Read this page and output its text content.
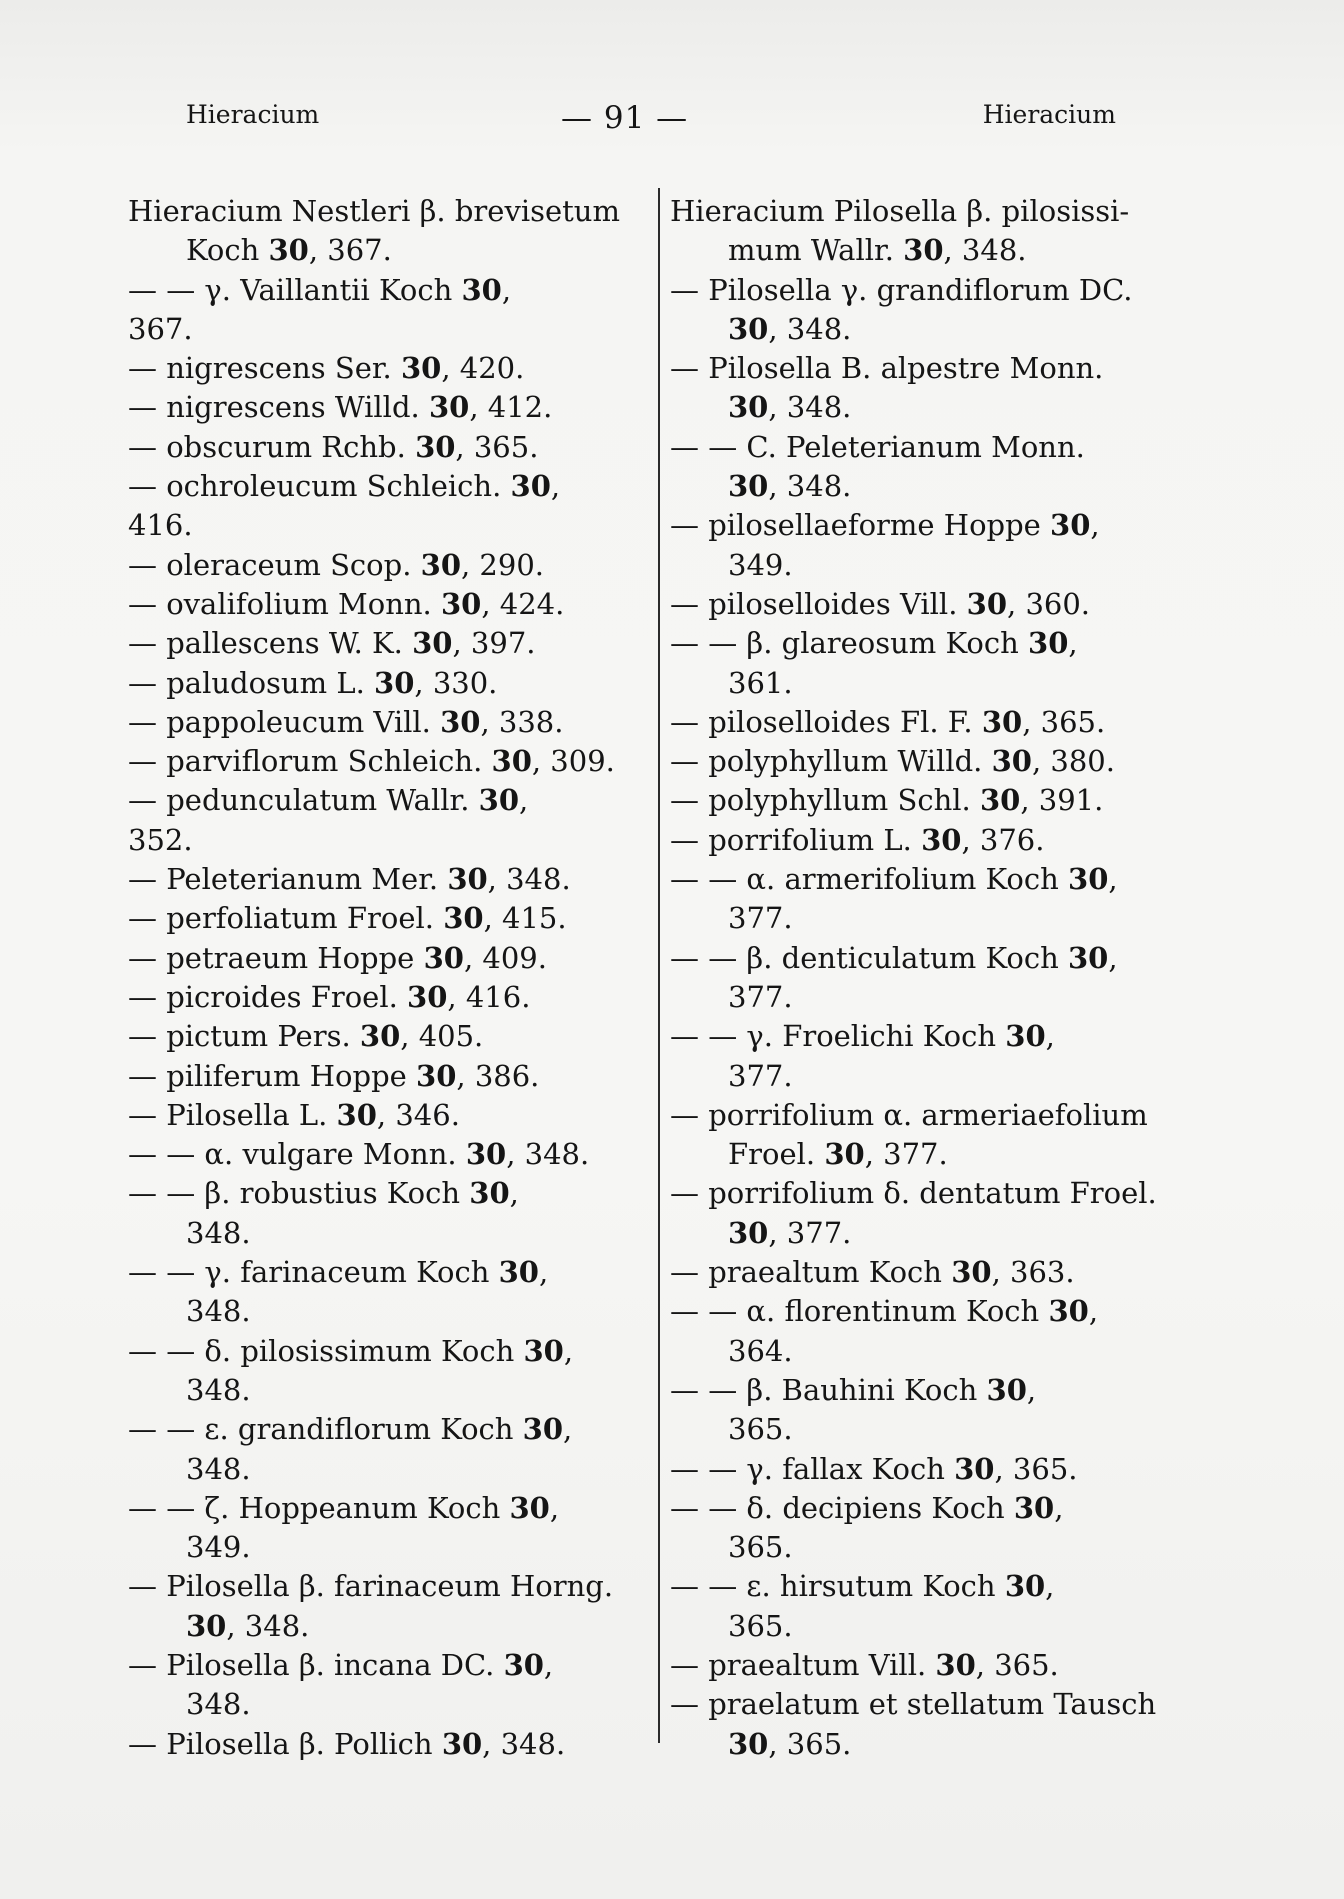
Hieracium	— 91 —	Hieracium
Hieracium Nestleri β. brevisetum
Koch 30, 367.
— — γ. Vaillantii Koch 30,
367.
— nigrescens Ser. 30, 420.
— nigrescens Willd. 30, 412.
— obscurum Rchb. 30, 365.
— ochroleucum Schleich. 30,
416.
— oleraceum Scop. 30, 290.
— ovalifolium Monn. 30, 424.
— pallescens W. K. 30, 397.
— paludosum L. 30, 330.
— pappoleucum Vill. 30, 338.
— parviflorum Schleich. 30, 309.
— pedunculatum Wallr. 30,
352.
— Peleterianum Mer. 30, 348.
— perfoliatum Froel. 30, 415.
— petraeum Hoppe 30, 409.
— picroides Froel. 30, 416.
— pictum Pers. 30, 405.
— piliferum Hoppe 30, 386.
— Pilosella L. 30, 346.
— — α. vulgare Monn. 30, 348.
— — β. robustius Koch 30,
348.
— — γ. farinaceum Koch 30,
348.
— — δ. pilosissimum Koch 30,
348.
— — ε. grandiflorum Koch 30,
348.
— — ζ. Hoppeanum Koch 30,
349.
— Pilosella β. farinaceum Horng.
30, 348.
— Pilosella β. incana DC. 30,
348.
— Pilosella β. Pollich 30, 348.
Hieracium Pilosella β. pilosissi-
mum Wallr. 30, 348.
— Pilosella γ. grandiflorum DC.
30, 348.
— Pilosella B. alpestre Monn.
30, 348.
— — C. Peleterianum Monn.
30, 348.
— pilosellaeforme Hoppe 30,
349.
— piloselloides Vill. 30, 360.
— — β. glareosum Koch 30,
361.
— piloselloides Fl. F. 30, 365.
— polyphyllum Willd. 30, 380.
— polyphyllum Schl. 30, 391.
— porrifolium L. 30, 376.
— — α. armerifolium Koch 30,
377.
— — β. denticulatum Koch 30,
377.
— — γ. Froelichi Koch 30,
377.
— porrifolium α. armeriaefolium
Froel. 30, 377.
— porrifolium δ. dentatum Froel.
30, 377.
— praealtum Koch 30, 363.
— — α. florentinum Koch 30,
364.
— — β. Bauhini Koch 30,
365.
— — γ. fallax Koch 30, 365.
— — δ. decipiens Koch 30,
365.
— — ε. hirsutum Koch 30,
365.
— praealtum Vill. 30, 365.
— praelatum et stellatum Tausch
30, 365.
